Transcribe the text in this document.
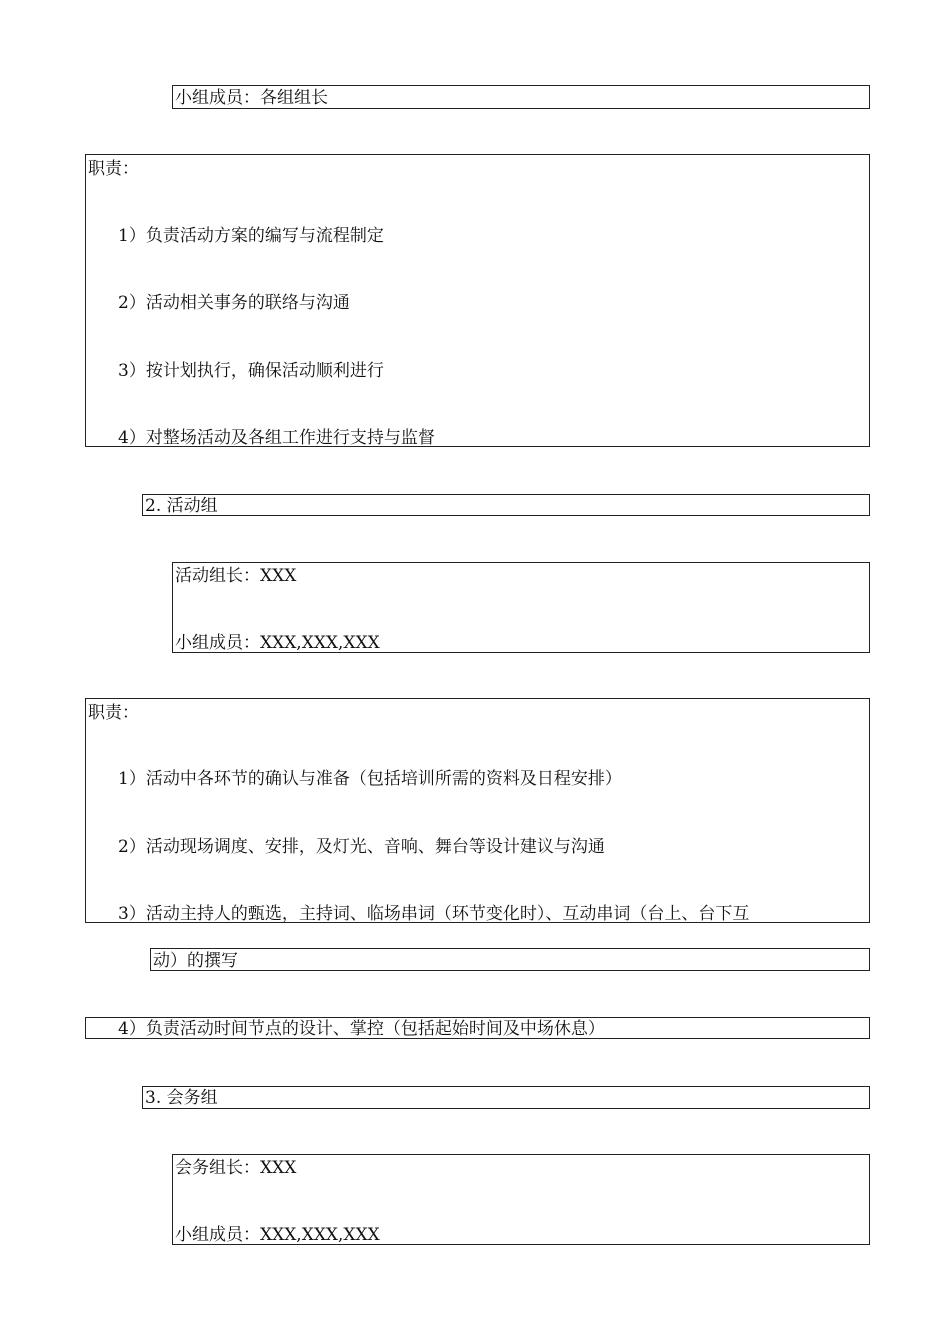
小组成员：各组组长
职责：
1）负责活动方案的编写与流程制定
2）活动相关事务的联络与沟通
3）按计划执行，确保活动顺利进行
4）对整场活动及各组工作进行支持与监督
2. 活动组
活动组长：XXX
小组成员：XXX,XXX,XXX
职责：
1）活动中各环节的确认与准备（包括培训所需的资料及日程安排）
2）活动现场调度、安排，及灯光、音响、舞台等设计建议与沟通
3）活动主持人的甄选，主持词、临场串词（环节变化时）、互动串词（台上、台下互
动）的撰写
4）负责活动时间节点的设计、掌控（包括起始时间及中场休息）
3. 会务组
会务组长：XXX
小组成员：XXX,XXX,XXX
